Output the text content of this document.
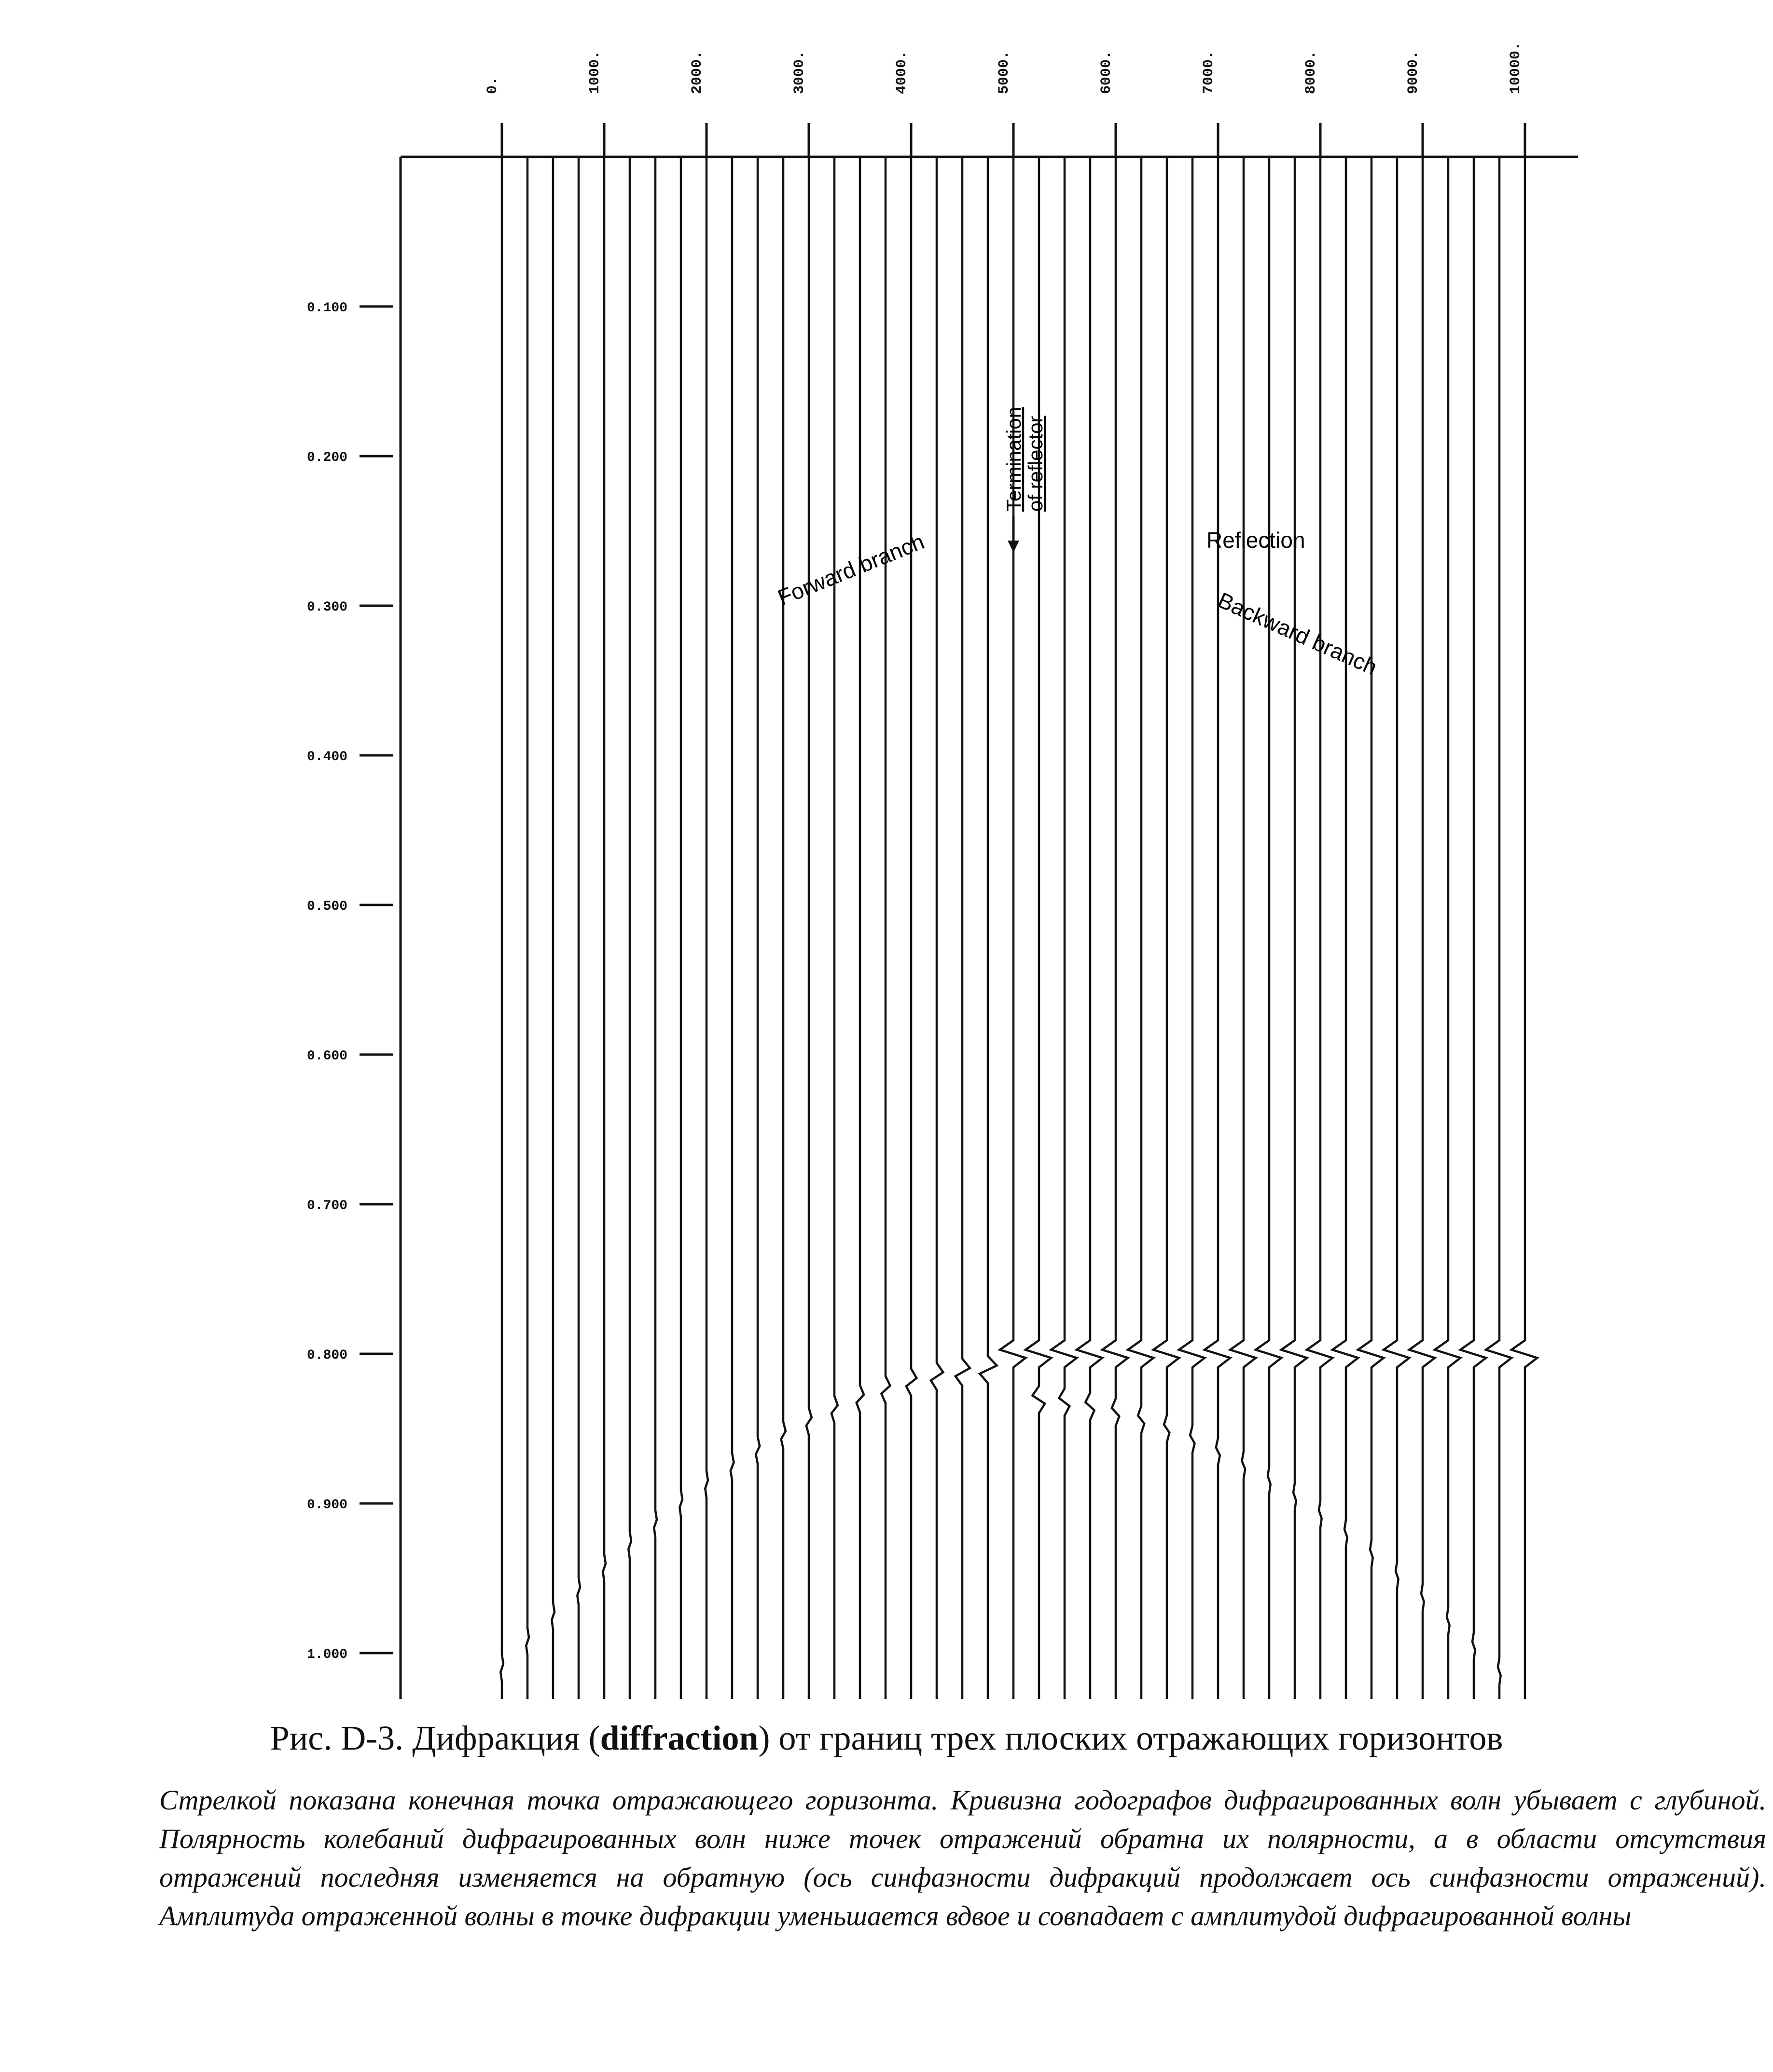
0.	1000.	2000.	3000.	4000.	5000.	6000.	7000.	8000.	9000.	10000.
0.100
0.200
0.300
0.400
0.500
0.600
0.700
0.800
0.900
1.000
Forward branch
Termination
of reflector
Reflection
Backward branch
Рис. D-3. Дифракция (diffraction) от границ трех плоских отражающих горизонтов

Стрелкой показана конечная точка отражающего горизонта. Кривизна годографов дифрагированных волн убывает с глубиной. Полярность колебаний дифрагированных волн ниже точек отражений обратна их полярности, а в области отсутствия отражений последняя изменяется на обратную (ось синфазности дифракций продолжает ось синфазности отражений). Амплитуда отраженной волны в точке дифракции уменьшается вдвое и совпадает с амплитудой дифрагированной волны
